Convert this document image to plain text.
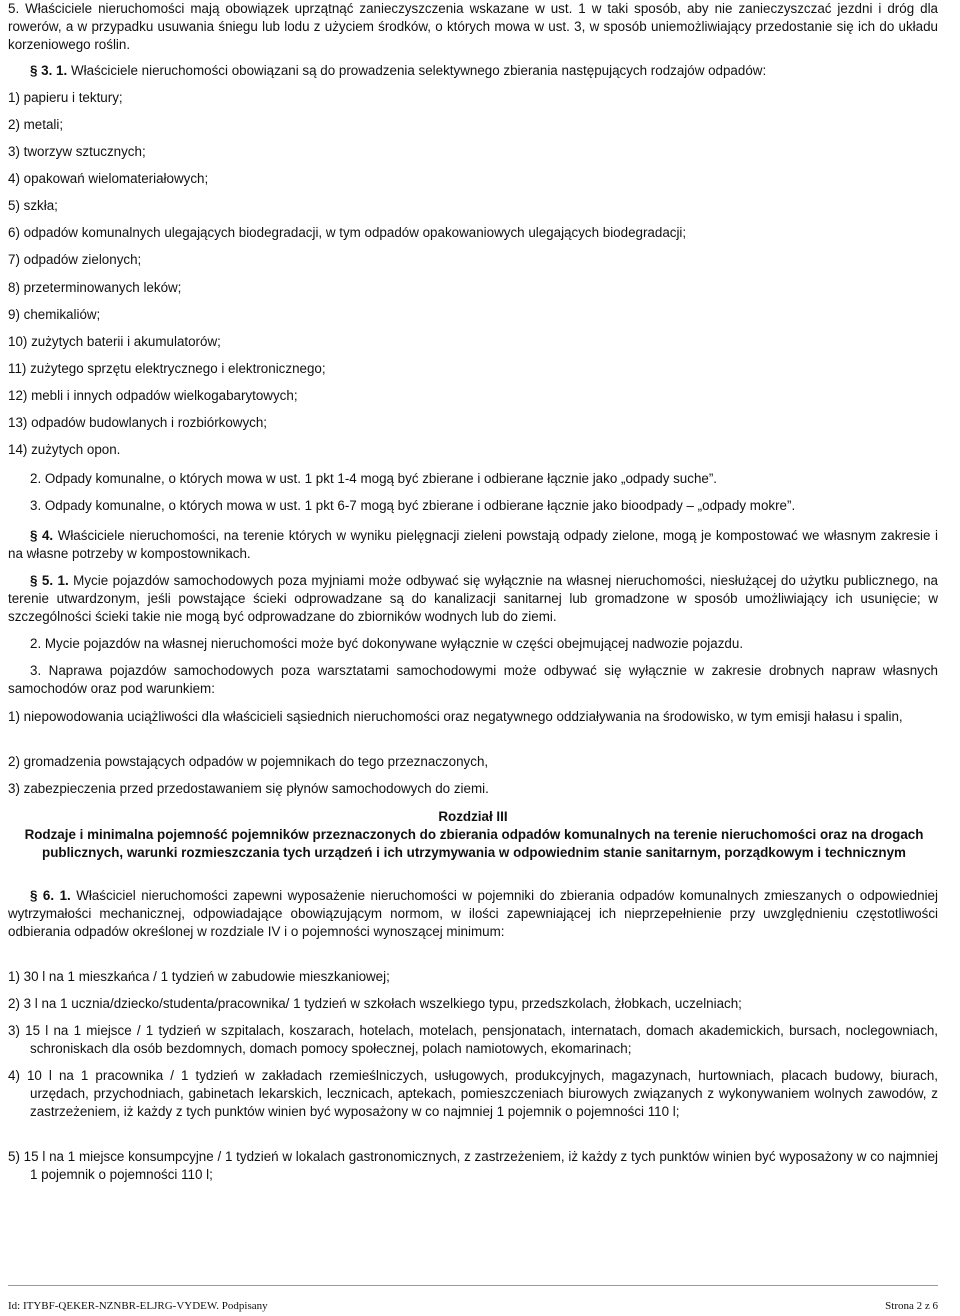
5. Właściciele nieruchomości mają obowiązek uprzątnąć zanieczyszczenia wskazane w ust. 1 w taki sposób, aby nie zanieczyszczać jezdni i dróg dla rowerów, a w przypadku usuwania śniegu lub lodu z użyciem środków, o których mowa w ust. 3, w sposób uniemożliwiający przedostanie się ich do układu korzeniowego roślin.

§ 3. 1. Właściciele nieruchomości obowiązani są do prowadzenia selektywnego zbierania następujących rodzajów odpadów:

1) papieru i tektury;

2) metali;

3) tworzyw sztucznych;

4) opakowań wielomateriałowych;

5) szkła;

6) odpadów komunalnych ulegających biodegradacji, w tym odpadów opakowaniowych ulegających biodegradacji;

7) odpadów zielonych;

8) przeterminowanych leków;

9) chemikaliów;

10) zużytych baterii i akumulatorów;

11) zużytego sprzętu elektrycznego i elektronicznego;

12) mebli i innych odpadów wielkogabarytowych;

13) odpadów budowlanych i rozbiórkowych;

14) zużytych opon.

2. Odpady komunalne, o których mowa w ust. 1 pkt 1-4 mogą być zbierane i odbierane łącznie jako „odpady suche”.

3. Odpady komunalne, o których mowa w ust. 1 pkt 6-7 mogą być zbierane i odbierane łącznie jako bioodpady – „odpady mokre”.

§ 4. Właściciele nieruchomości, na terenie których w wyniku pielęgnacji zieleni powstają odpady zielone, mogą je kompostować we własnym zakresie i na własne potrzeby w kompostownikach.

§ 5. 1. Mycie pojazdów samochodowych poza myjniami może odbywać się wyłącznie na własnej nieruchomości, niesłużącej do użytku publicznego, na terenie utwardzonym, jeśli powstające ścieki odprowadzane są do kanalizacji sanitarnej lub gromadzone w sposób umożliwiający ich usunięcie; w szczególności ścieki takie nie mogą być odprowadzane do zbiorników wodnych lub do ziemi.

2. Mycie pojazdów na własnej nieruchomości może być dokonywane wyłącznie w części obejmującej nadwozie pojazdu.

3. Naprawa pojazdów samochodowych poza warsztatami samochodowymi może odbywać się wyłącznie w zakresie drobnych napraw własnych samochodów oraz pod warunkiem:

1) niepowodowania uciążliwości dla właścicieli sąsiednich nieruchomości oraz negatywnego oddziaływania na środowisko, w tym emisji hałasu i spalin,

2) gromadzenia powstających odpadów w pojemnikach do tego przeznaczonych,

3) zabezpieczenia przed przedostawaniem się płynów samochodowych do ziemi.

Rozdział III

Rodzaje i minimalna pojemność pojemników przeznaczonych do zbierania odpadów komunalnych na terenie nieruchomości oraz na drogach publicznych, warunki rozmieszczania tych urządzeń i ich utrzymywania w odpowiednim stanie sanitarnym, porządkowym i technicznym

§ 6. 1. Właściciel nieruchomości zapewni wyposażenie nieruchomości w pojemniki do zbierania odpadów komunalnych zmieszanych o odpowiedniej wytrzymałości mechanicznej, odpowiadające obowiązującym normom, w ilości zapewniającej ich nieprzepełnienie przy uwzględnieniu częstotliwości odbierania odpadów określonej w rozdziale IV i o pojemności wynoszącej minimum:

1) 30 l na 1 mieszkańca / 1 tydzień w zabudowie mieszkaniowej;

2) 3 l na 1 ucznia/dziecko/studenta/pracownika/ 1 tydzień w szkołach wszelkiego typu, przedszkolach, żłobkach, uczelniach;

3) 15 l na 1 miejsce / 1 tydzień w szpitalach, koszarach, hotelach, motelach, pensjonatach, internatach, domach akademickich, bursach, noclegowniach, schroniskach dla osób bezdomnych, domach pomocy społecznej, polach namiotowych, ekomarinach;

4) 10 l na 1 pracownika / 1 tydzień w zakładach rzemieślniczych, usługowych, produkcyjnych, magazynach, hurtowniach, placach budowy, biurach, urzędach, przychodniach, gabinetach lekarskich, lecznicach, aptekach, pomieszczeniach biurowych związanych z wykonywaniem wolnych zawodów, z zastrzeżeniem, iż każdy z tych punktów winien być wyposażony w co najmniej 1 pojemnik o pojemności 110 l;

5) 15 l na 1 miejsce konsumpcyjne / 1 tydzień w lokalach gastronomicznych, z zastrzeżeniem, iż każdy z tych punktów winien być wyposażony w co najmniej 1 pojemnik o pojemności 110 l;

Id: ITYBF-QEKER-NZNBR-ELJRG-VYDEW. Podpisany	Strona 2 z 6
